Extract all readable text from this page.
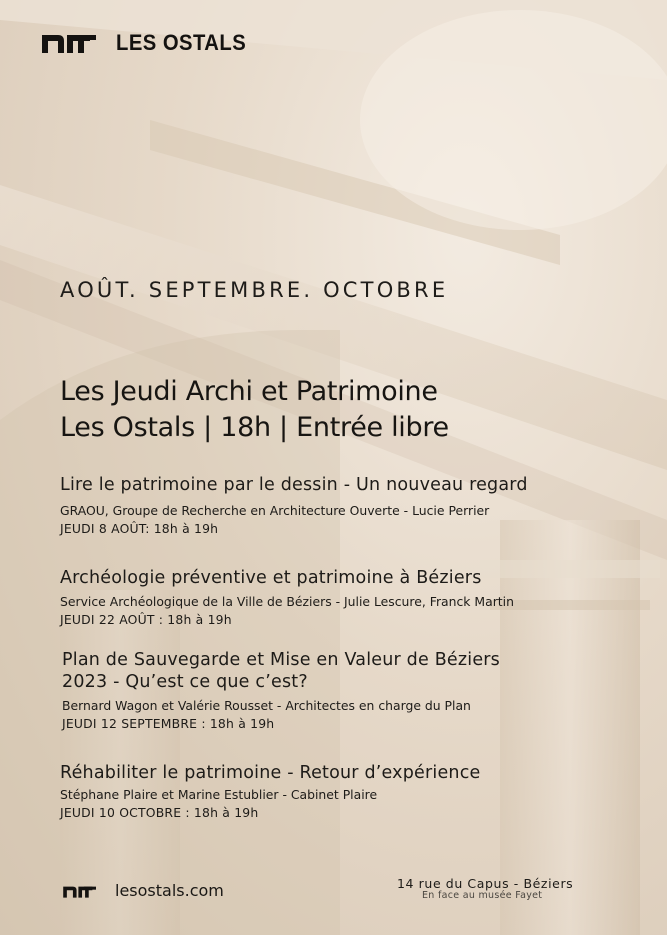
LES OSTALS
AOÛT. SEPTEMBRE. OCTOBRE
Les Jeudi Archi et Patrimoine
Les Ostals | 18h | Entrée libre
Lire le patrimoine par le dessin - Un nouveau regard
GRAOU, Groupe de Recherche en Architecture Ouverte - Lucie Perrier
JEUDI 8 AOÛT: 18h à 19h
Archéologie préventive et patrimoine à Béziers
Service Archéologique de la Ville de Béziers - Julie Lescure, Franck Martin
JEUDI 22 AOÛT : 18h à 19h
Plan de Sauvegarde et Mise en Valeur de Béziers
2023 - Qu’est ce que c’est?
Bernard Wagon et Valérie Rousset - Architectes en charge du Plan
JEUDI 12 SEPTEMBRE : 18h à 19h
Réhabiliter le patrimoine - Retour d’expérience
Stéphane Plaire et Marine Estublier - Cabinet Plaire
JEUDI 10 OCTOBRE : 18h à 19h
lesostals.com	14 rue du Capus - Béziers
En face au musée Fayet
